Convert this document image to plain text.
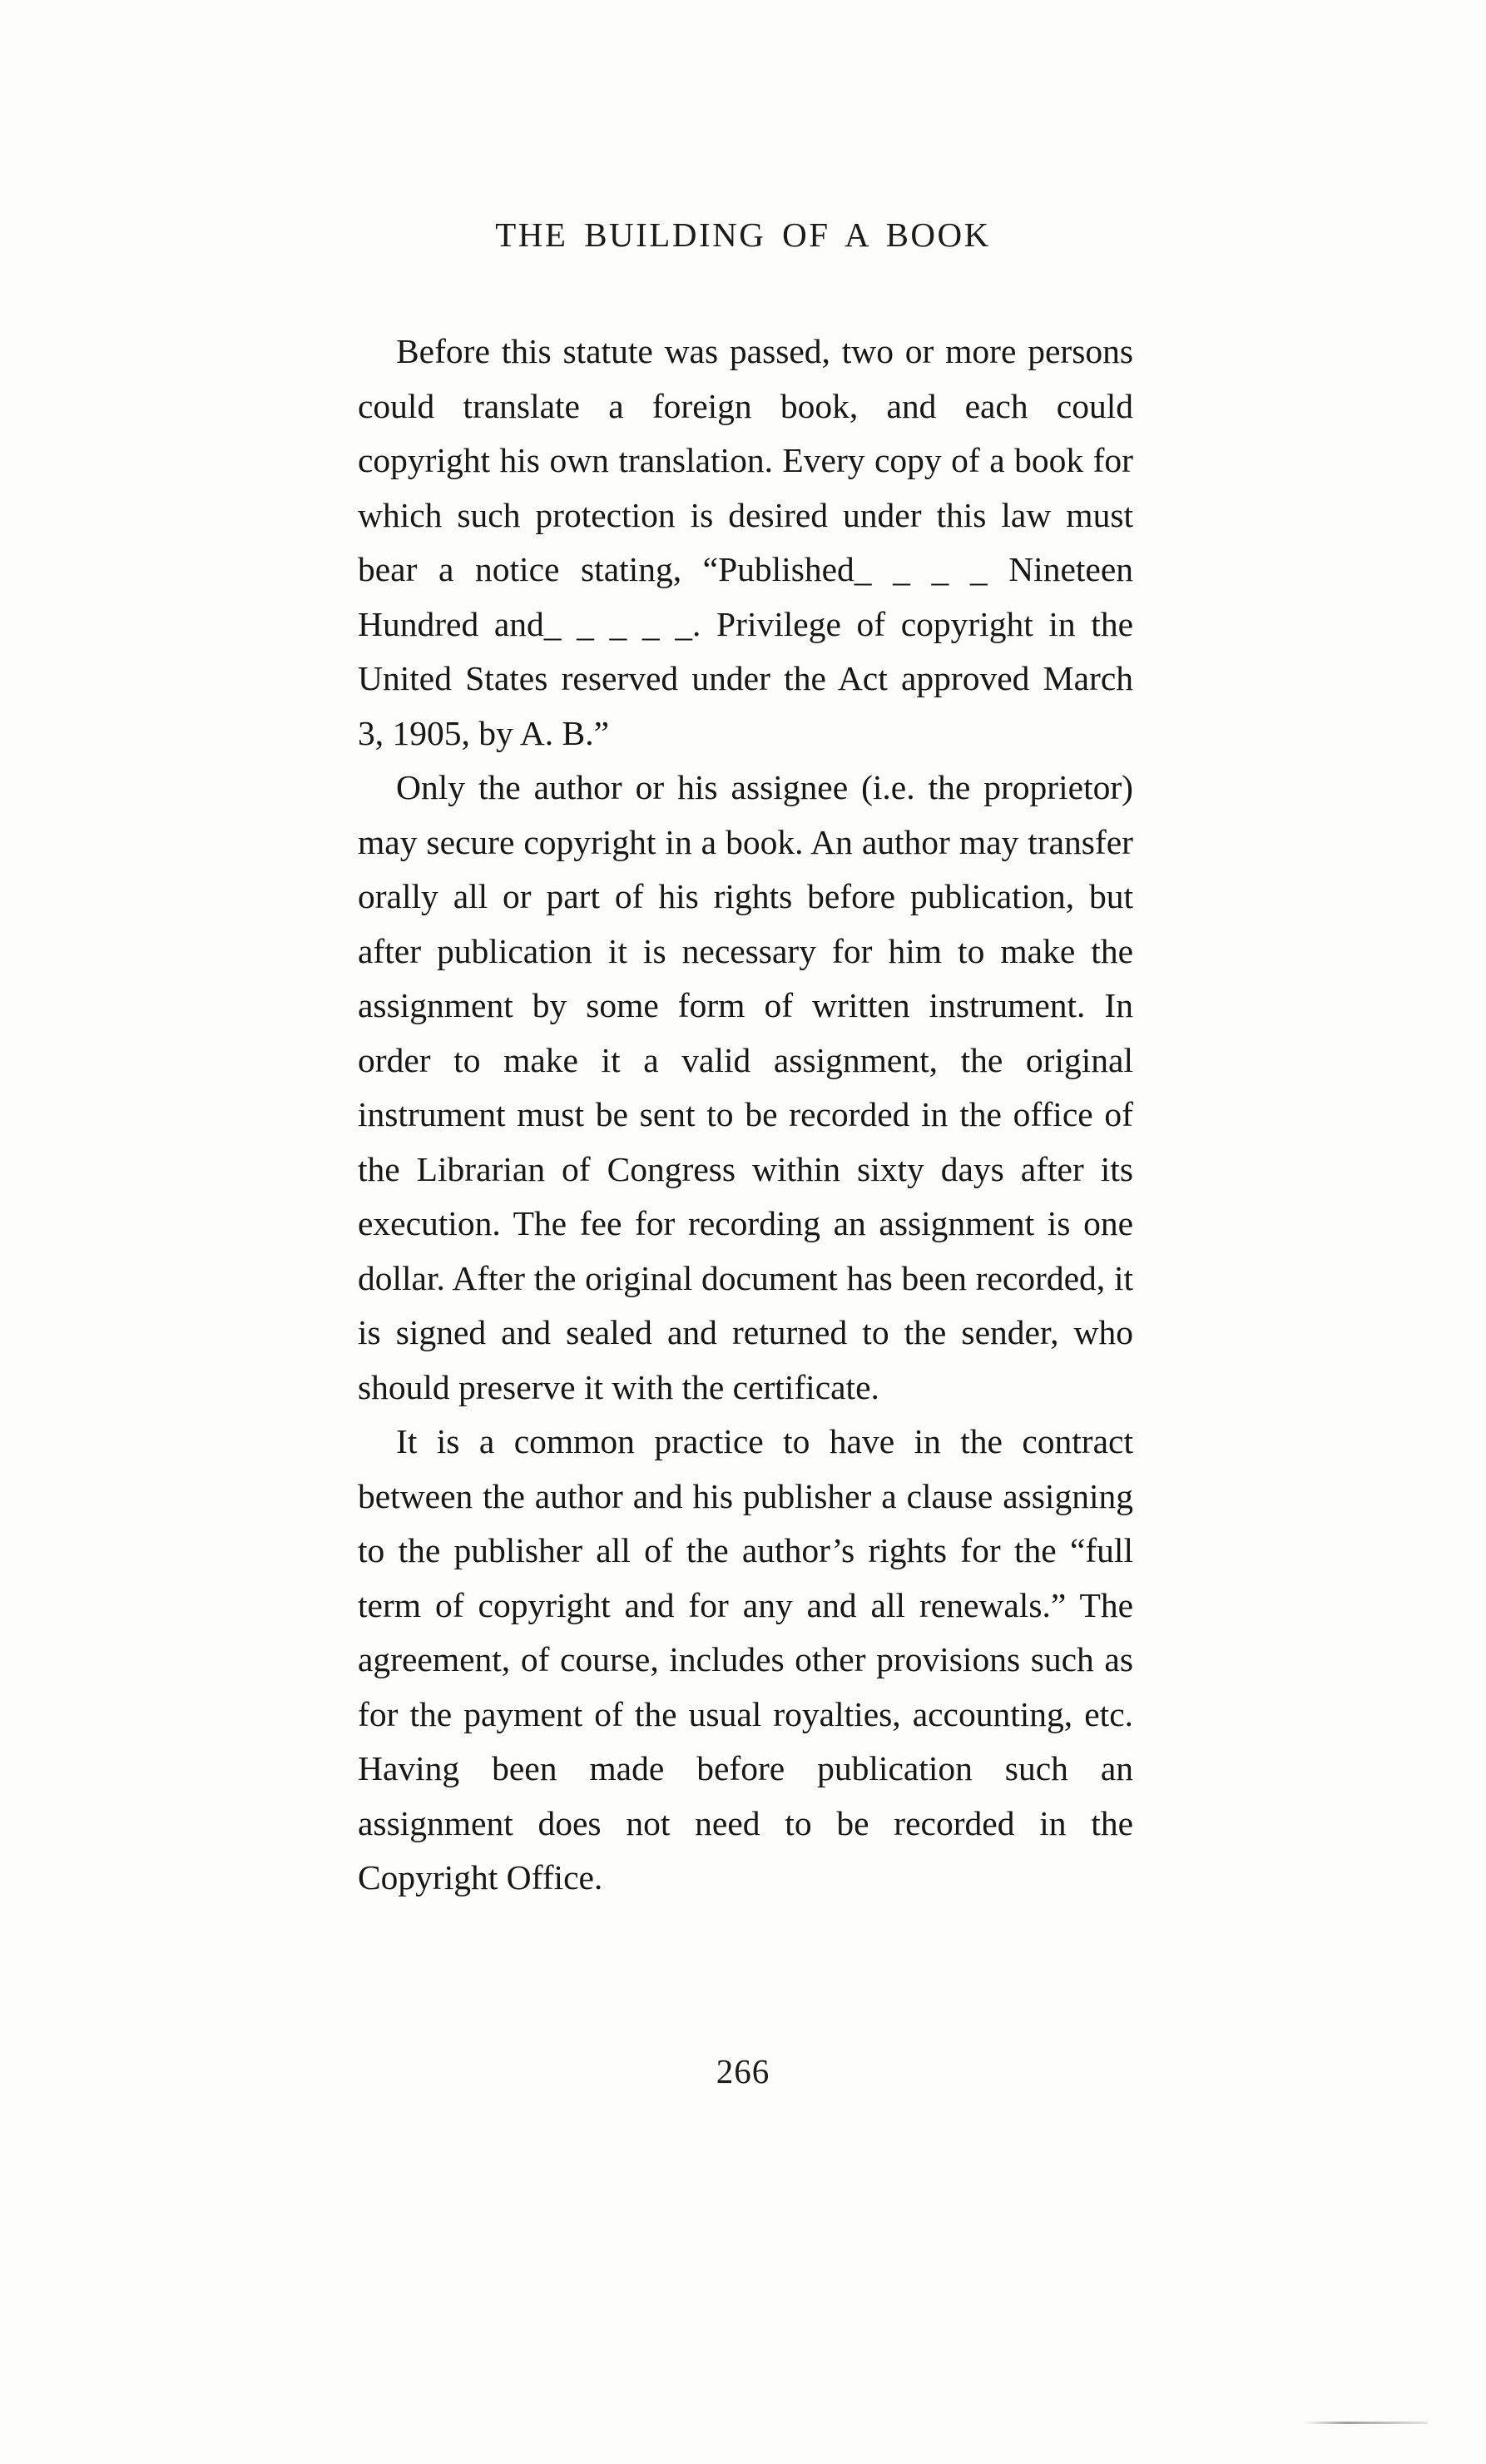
THE BUILDING OF A BOOK

Before this statute was passed, two or more persons could translate a foreign book, and each could copyright his own translation. Every copy of a book for which such protection is desired under this law must bear a notice stating, “Published_ _ _ _ Nineteen Hundred and_ _ _ _ _. Privilege of copyright in the United States reserved under the Act approved March 3, 1905, by A. B.”

Only the author or his assignee (i.e. the proprietor) may secure copyright in a book. An author may transfer orally all or part of his rights before publication, but after publication it is necessary for him to make the assignment by some form of written instrument. In order to make it a valid assignment, the original instrument must be sent to be recorded in the office of the Librarian of Congress within sixty days after its execution. The fee for recording an assignment is one dollar. After the original document has been recorded, it is signed and sealed and returned to the sender, who should preserve it with the certificate.

It is a common practice to have in the contract between the author and his publisher a clause assigning to the publisher all of the author’s rights for the “full term of copyright and for any and all renewals.” The agreement, of course, includes other provisions such as for the payment of the usual royalties, accounting, etc. Having been made before publication such an assignment does not need to be recorded in the Copyright Office.

266
